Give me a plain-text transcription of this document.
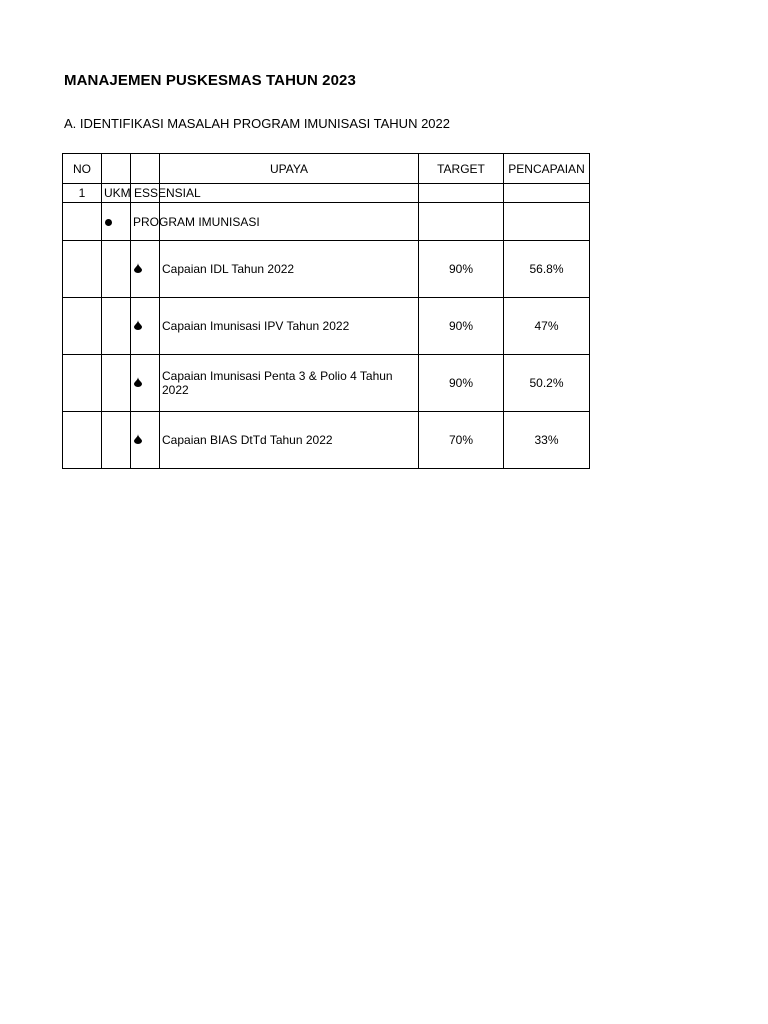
MANAJEMEN PUSKESMAS TAHUN 2023
A. IDENTIFIKASI MASALAH PROGRAM IMUNISASI TAHUN 2022
NO			UPAYA	TARGET	PENCAPAIAN
1	UKM ESSENSIAL				

		PROGRAM IMUNISASI			

			Capaian IDL Tahun 2022	90%	56.8%
			Capaian Imunisasi IPV Tahun 2022	90%	47%
			Capaian Imunisasi Penta 3 & Polio 4 Tahun 2022	90%	50.2%
			Capaian BIAS DtTd Tahun 2022	70%	33%
